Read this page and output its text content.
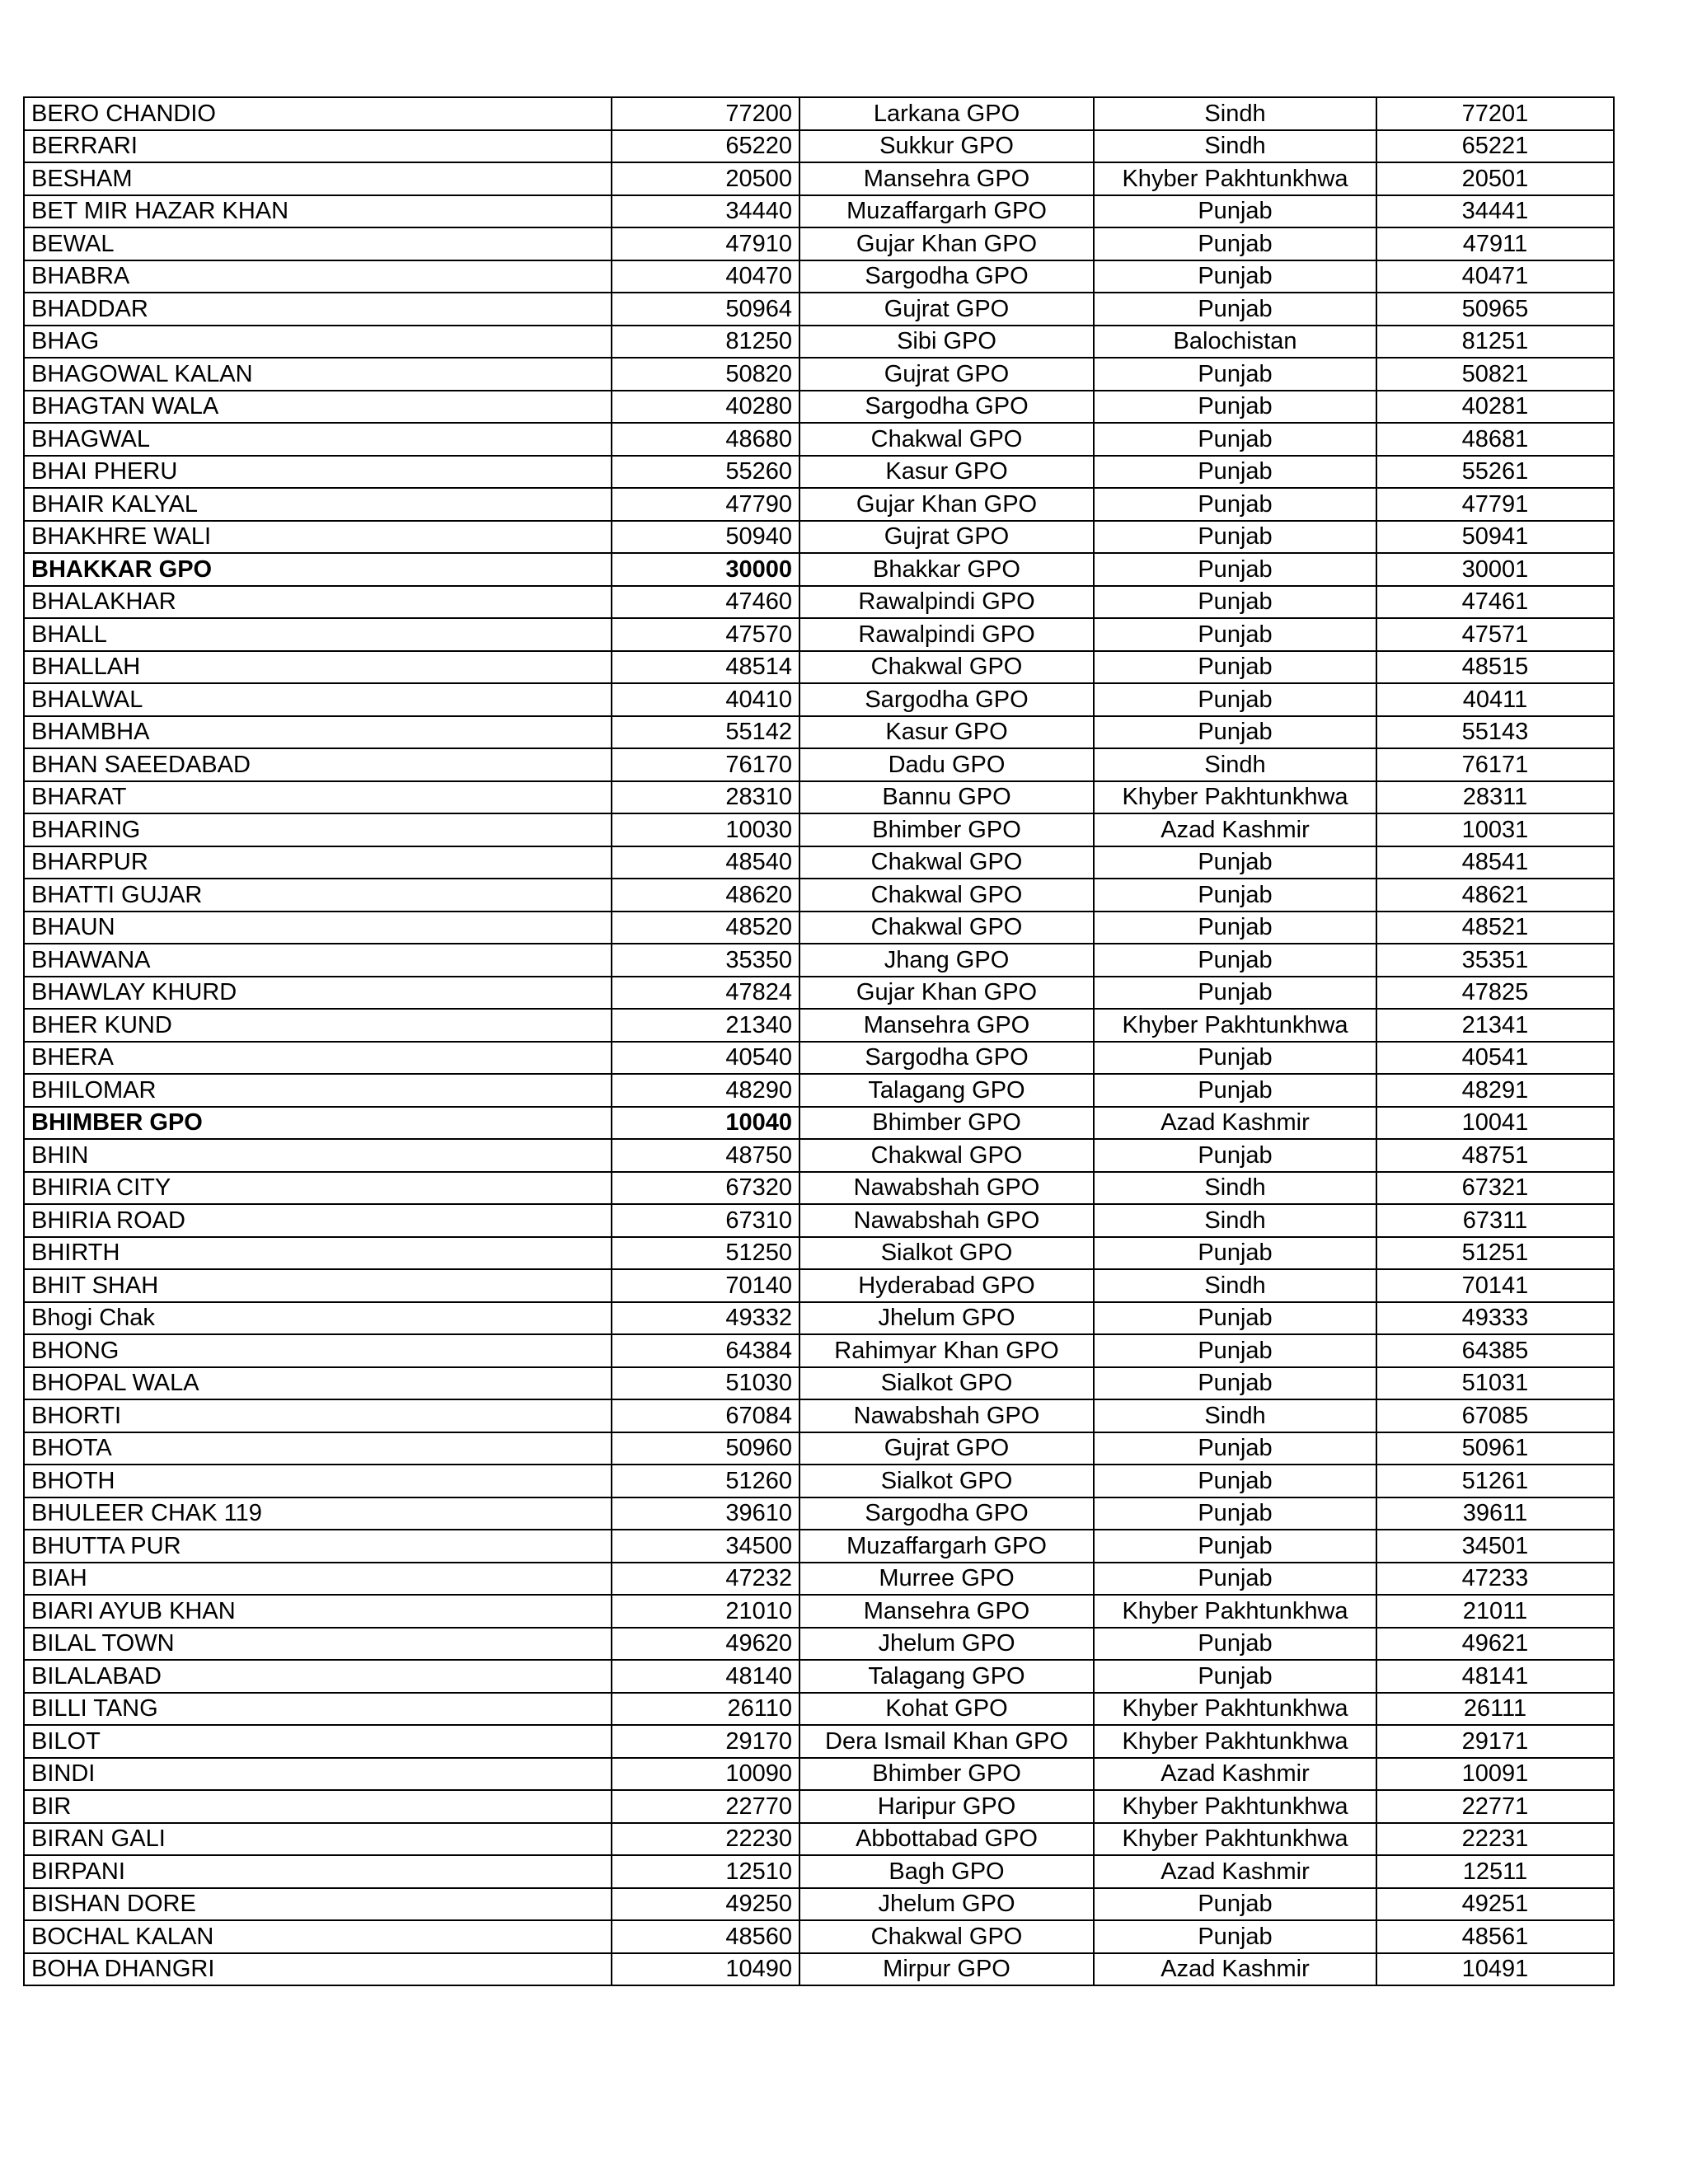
BERO CHANDIO	77200	Larkana GPO	Sindh	77201
BERRARI	65220	Sukkur GPO	Sindh	65221
BESHAM	20500	Mansehra GPO	Khyber Pakhtunkhwa	20501
BET MIR HAZAR KHAN	34440	Muzaffargarh GPO	Punjab	34441
BEWAL	47910	Gujar Khan GPO	Punjab	47911
BHABRA	40470	Sargodha GPO	Punjab	40471
BHADDAR	50964	Gujrat GPO	Punjab	50965
BHAG	81250	Sibi GPO	Balochistan	81251
BHAGOWAL KALAN	50820	Gujrat GPO	Punjab	50821
BHAGTAN WALA	40280	Sargodha GPO	Punjab	40281
BHAGWAL	48680	Chakwal GPO	Punjab	48681
BHAI PHERU	55260	Kasur GPO	Punjab	55261
BHAIR KALYAL	47790	Gujar Khan GPO	Punjab	47791
BHAKHRE WALI	50940	Gujrat GPO	Punjab	50941
BHAKKAR GPO	30000	Bhakkar GPO	Punjab	30001
BHALAKHAR	47460	Rawalpindi GPO	Punjab	47461
BHALL	47570	Rawalpindi GPO	Punjab	47571
BHALLAH	48514	Chakwal GPO	Punjab	48515
BHALWAL	40410	Sargodha GPO	Punjab	40411
BHAMBHA	55142	Kasur GPO	Punjab	55143
BHAN SAEEDABAD	76170	Dadu GPO	Sindh	76171
BHARAT	28310	Bannu GPO	Khyber Pakhtunkhwa	28311
BHARING	10030	Bhimber GPO	Azad Kashmir	10031
BHARPUR	48540	Chakwal GPO	Punjab	48541
BHATTI GUJAR	48620	Chakwal GPO	Punjab	48621
BHAUN	48520	Chakwal GPO	Punjab	48521
BHAWANA	35350	Jhang GPO	Punjab	35351
BHAWLAY KHURD	47824	Gujar Khan GPO	Punjab	47825
BHER KUND	21340	Mansehra GPO	Khyber Pakhtunkhwa	21341
BHERA	40540	Sargodha GPO	Punjab	40541
BHILOMAR	48290	Talagang GPO	Punjab	48291
BHIMBER GPO	10040	Bhimber GPO	Azad Kashmir	10041
BHIN	48750	Chakwal GPO	Punjab	48751
BHIRIA CITY	67320	Nawabshah GPO	Sindh	67321
BHIRIA ROAD	67310	Nawabshah GPO	Sindh	67311
BHIRTH	51250	Sialkot GPO	Punjab	51251
BHIT SHAH	70140	Hyderabad GPO	Sindh	70141
Bhogi Chak	49332	Jhelum GPO	Punjab	49333
BHONG	64384	Rahimyar Khan GPO	Punjab	64385
BHOPAL WALA	51030	Sialkot GPO	Punjab	51031
BHORTI	67084	Nawabshah GPO	Sindh	67085
BHOTA	50960	Gujrat GPO	Punjab	50961
BHOTH	51260	Sialkot GPO	Punjab	51261
BHULEER CHAK 119	39610	Sargodha GPO	Punjab	39611
BHUTTA PUR	34500	Muzaffargarh GPO	Punjab	34501
BIAH	47232	Murree GPO	Punjab	47233
BIARI AYUB KHAN	21010	Mansehra GPO	Khyber Pakhtunkhwa	21011
BILAL TOWN	49620	Jhelum GPO	Punjab	49621
BILALABAD	48140	Talagang GPO	Punjab	48141
BILLI TANG	26110	Kohat GPO	Khyber Pakhtunkhwa	26111
BILOT	29170	Dera Ismail Khan GPO	Khyber Pakhtunkhwa	29171
BINDI	10090	Bhimber GPO	Azad Kashmir	10091
BIR	22770	Haripur GPO	Khyber Pakhtunkhwa	22771
BIRAN GALI	22230	Abbottabad GPO	Khyber Pakhtunkhwa	22231
BIRPANI	12510	Bagh GPO	Azad Kashmir	12511
BISHAN DORE	49250	Jhelum GPO	Punjab	49251
BOCHAL KALAN	48560	Chakwal GPO	Punjab	48561
BOHA DHANGRI	10490	Mirpur GPO	Azad Kashmir	10491
